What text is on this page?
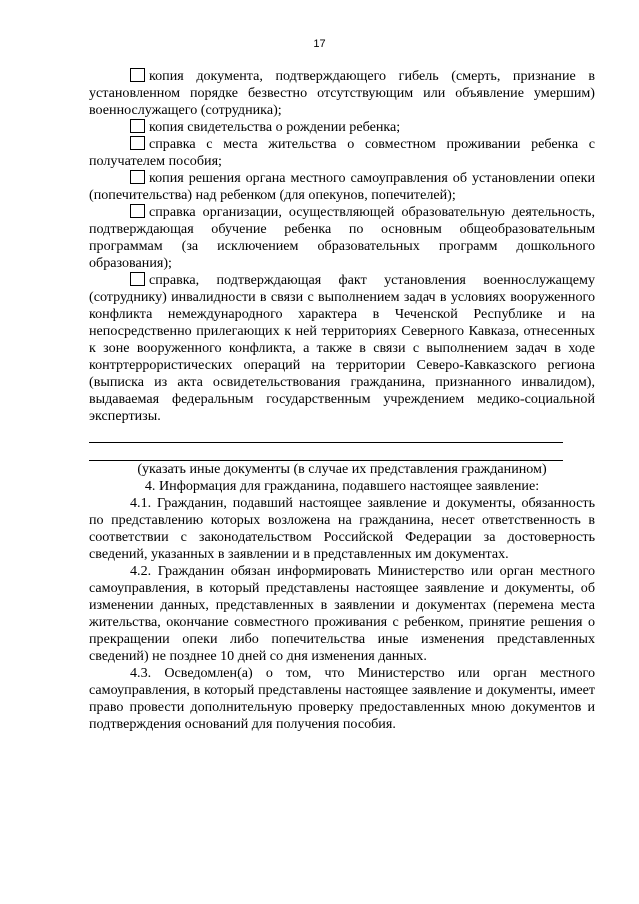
17

копия документа, подтверждающего гибель (смерть, признание в установленном порядке безвестно отсутствующим или объявление умершим) военнослужащего (сотрудника);

копия свидетельства о рождении ребенка;

справка с места жительства о совместном проживании ребенка с получателем пособия;

копия решения органа местного самоуправления об установлении опеки (попечительства) над ребенком (для опекунов, попечителей);

справка организации, осуществляющей образовательную деятельность, подтверждающая обучение ребенка по основным общеобразовательным программам (за исключением образовательных программ дошкольного образования);

справка, подтверждающая факт установления военнослужащему (сотруднику) инвалидности в связи с выполнением задач в условиях вооруженного конфликта немеждународного характера в Чеченской Республике и на непосредственно прилегающих к ней территориях Северного Кавказа, отнесенных к зоне вооруженного конфликта, а также в связи с выполнением задач в ходе контртеррористических операций на территории Северо-Кавказского региона (выписка из акта освидетельствования гражданина, признанного инвалидом), выдаваемая федеральным государственным учреждением медико-социальной экспертизы.

(указать иные документы (в случае их представления гражданином)

4. Информация для гражданина, подавшего настоящее заявление:

4.1. Гражданин, подавший настоящее заявление и документы, обязанность по представлению которых возложена на гражданина, несет ответственность в соответствии с законодательством Российской Федерации за достоверность сведений, указанных в заявлении и в представленных им документах.

4.2. Гражданин обязан информировать Министерство или орган местного самоуправления, в который представлены настоящее заявление и документы, об изменении данных, представленных в заявлении и документах (перемена места жительства, окончание совместного проживания с ребенком, принятие решения о прекращении опеки либо попечительства иные изменения представленных сведений) не позднее 10 дней со дня изменения данных.

4.3. Осведомлен(а) о том, что Министерство или орган местного самоуправления, в который представлены настоящее заявление и документы, имеет право провести дополнительную проверку предоставленных мною документов и подтверждения оснований для получения пособия.
